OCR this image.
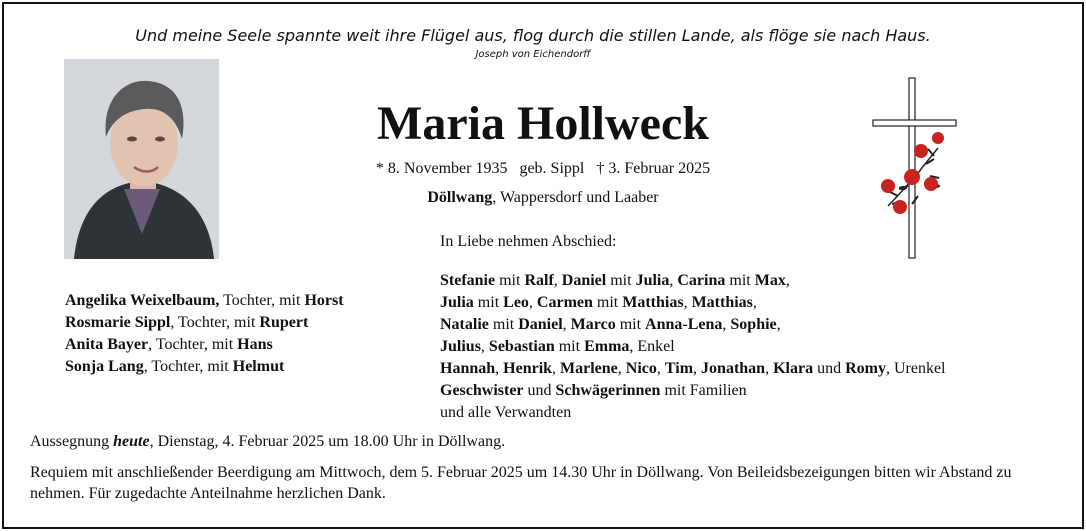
Und meine Seele spannte weit ihre Flügel aus, flog durch die stillen Lande, als flöge sie nach Haus.
Joseph von Eichendorff
Maria Hollweck
* 8. November 1935   geb. Sippl   † 3. Februar 2025
Döllwang, Wappersdorf und Laaber
In Liebe nehmen Abschied:
Angelika Weixelbaum, Tochter, mit Horst
Rosmarie Sippl, Tochter, mit Rupert
Anita Bayer, Tochter, mit Hans
Sonja Lang, Tochter, mit Helmut
Stefanie mit Ralf, Daniel mit Julia, Carina mit Max,
Julia mit Leo, Carmen mit Matthias, Matthias,
Natalie mit Daniel, Marco mit Anna-Lena, Sophie,
Julius, Sebastian mit Emma, Enkel
Hannah, Henrik, Marlene, Nico, Tim, Jonathan, Klara und Romy, Urenkel
Geschwister und Schwägerinnen mit Familien
und alle Verwandten
Aussegnung heute, Dienstag, 4. Februar 2025 um 18.00 Uhr in Döllwang.
Requiem mit anschließender Beerdigung am Mittwoch, dem 5. Februar 2025 um 14.30 Uhr in Döllwang. Von Beileidsbezeigungen bitten wir Abstand zu nehmen. Für zugedachte Anteilnahme herzlichen Dank.
